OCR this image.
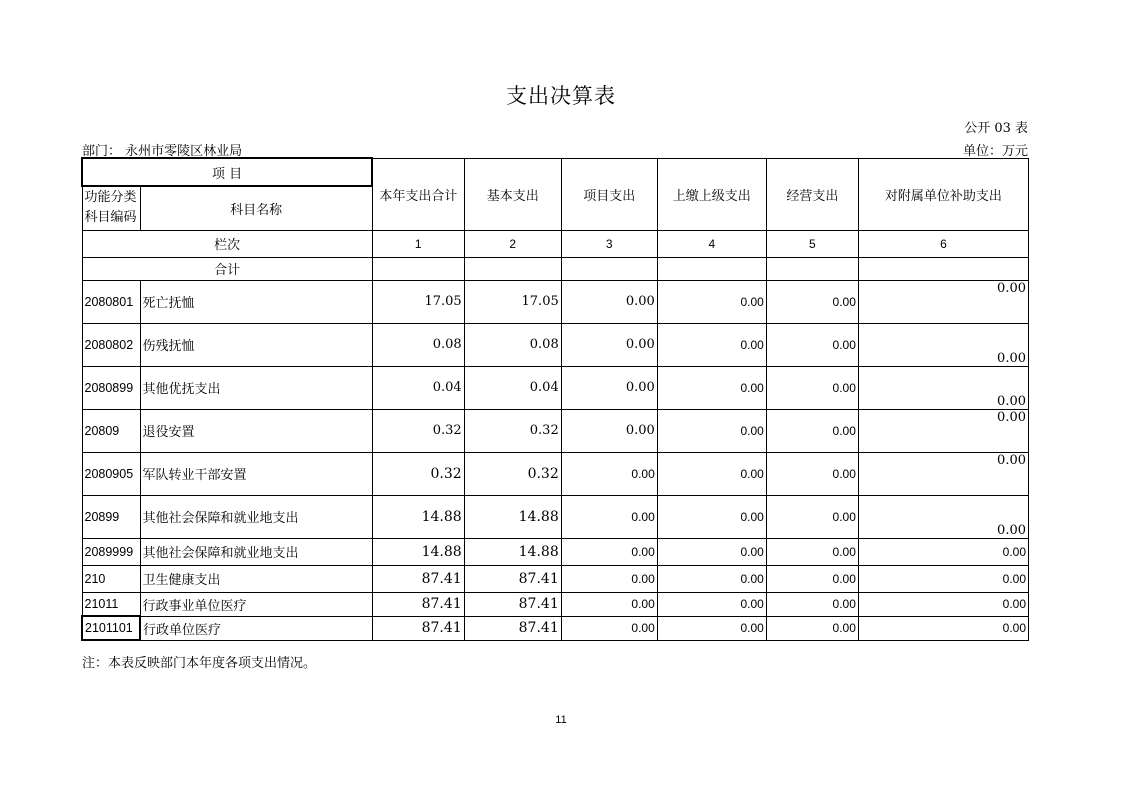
支出决算表
公开 03 表
部门： 永州市零陵区林业局	单位：万元
项 目		本年支出合计	基本支出	项目支出	上缴上级支出	经营支出	对附属单位补助支出

功能分类
科目编码	科目名称						
栏次		1	2	3	4	5	6
合计							
2080801	死亡抚恤	17.05	17.05	0.00	0.00	0.00	0.00
2080802	伤残抚恤	0.08	0.08	0.00	0.00	0.00	0.00
2080899	其他优抚支出	0.04	0.04	0.00	0.00	0.00	0.00
20809	退役安置	0.32	0.32	0.00	0.00	0.00	0.00
2080905	军队转业干部安置	0.32	0.32	0.00	0.00	0.00	0.00
20899	其他社会保障和就业地支出	14.88	14.88	0.00	0.00	0.00	0.00
2089999	其他社会保障和就业地支出	14.88	14.88	0.00	0.00	0.00	0.00
210	卫生健康支出	87.41	87.41	0.00	0.00	0.00	0.00
21011	行政事业单位医疗	87.41	87.41	0.00	0.00	0.00	0.00
2101101	行政单位医疗	87.41	87.41	0.00	0.00	0.00	0.00
注：本表反映部门本年度各项支出情况。
11
